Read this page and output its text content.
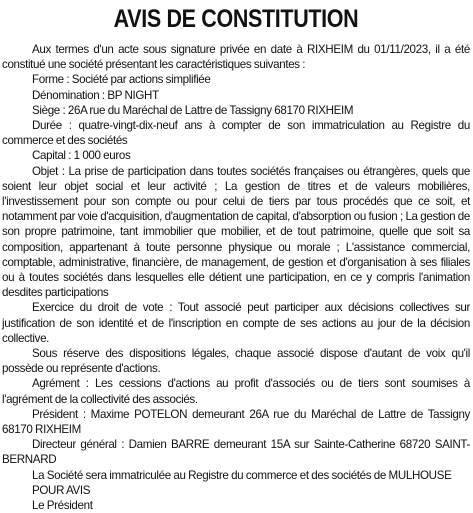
AVIS DE CONSTITUTION

Aux termes d'un acte sous signature privée en date à RIXHEIM du 01/11/2023, il a été constitué une société présentant les caractéristiques suivantes :

Forme : Société par actions simplifiée

Dénomination : BP NIGHT

Siège : 26A rue du Maréchal de Lattre de Tassigny 68170 RIXHEIM

Durée : quatre-vingt-dix-neuf ans à compter de son immatriculation au Registre du commerce et des sociétés

Capital : 1 000 euros

Objet : La prise de participation dans toutes sociétés françaises ou étrangères, quels que soient leur objet social et leur activité ; La gestion de titres et de valeurs mobilières, l'investissement pour son compte ou pour celui de tiers par tous procédés que ce soit, et notamment par voie d'acquisition, d'augmentation de capital, d'absorption ou fusion ; La gestion de son propre patrimoine, tant immobilier que mobilier, et de tout patrimoine, quelle que soit sa composition, appartenant à toute personne physique ou morale ; L'assistance commercial, comptable, administrative, financière, de management, de gestion et d'organisation à ses filiales ou à toutes sociétés dans lesquelles elle détient une participation, en ce y compris l'animation desdites participations

Exercice du droit de vote : Tout associé peut participer aux décisions collectives sur justification de son identité et de l'inscription en compte de ses actions au jour de la décision collective.

Sous réserve des dispositions légales, chaque associé dispose d'autant de voix qu'il possède ou représente d'actions.

Agrément : Les cessions d'actions au profit d'associés ou de tiers sont soumises à l'agrément de la collectivité des associés.

Président : Maxime POTELON demeurant 26A rue du Maréchal de Lattre de Tassigny 68170 RIXHEIM

Directeur général : Damien BARRE demeurant 15A sur Sainte-Catherine 68720 SAINT-BERNARD

La Société sera immatriculée au Registre du commerce et des sociétés de MULHOUSE

POUR AVIS

Le Président
